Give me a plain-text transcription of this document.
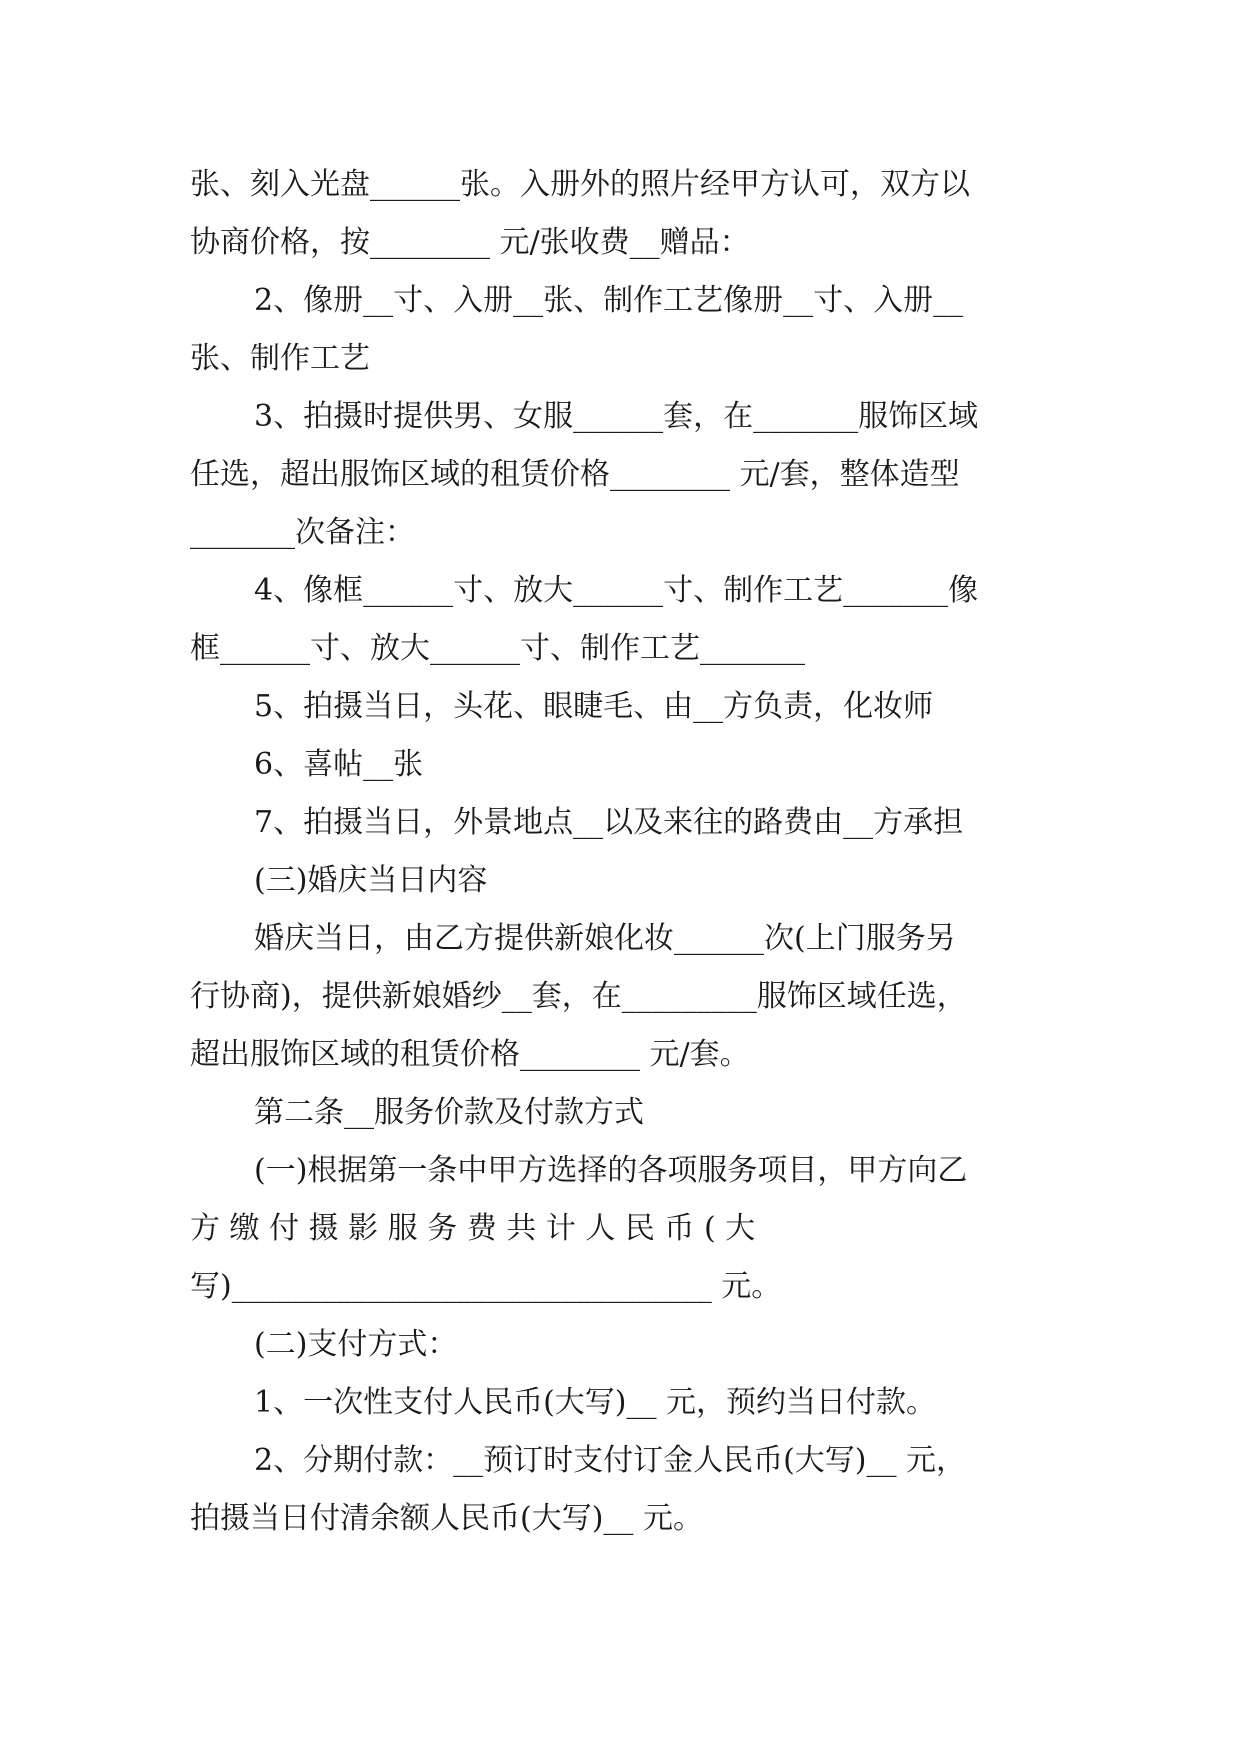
张、刻入光盘______张。入册外的照片经甲方认可，双方以
协商价格，按________ 元/张收费__赠品：
2、像册__寸、入册__张、制作工艺像册__寸、入册__
张、制作工艺
3、拍摄时提供男、女服______套，在_______服饰区域
任选，超出服饰区域的租赁价格________ 元/套，整体造型
_______次备注：
4、像框______寸、放大______寸、制作工艺_______像
框______寸、放大______寸、制作工艺_______
5、拍摄当日，头花、眼睫毛、由__方负责，化妆师
6、喜帖__张
7、拍摄当日，外景地点__以及来往的路费由__方承担
(三)婚庆当日内容
婚庆当日，由乙方提供新娘化妆______次(上门服务另
行协商)，提供新娘婚纱__套，在_________服饰区域任选，
超出服饰区域的租赁价格________ 元/套。
第二条__服务价款及付款方式
(一)根据第一条中甲方选择的各项服务项目，甲方向乙
方 缴 付 摄 影 服 务 费 共 计 人 民 币 ( 大
写)________________________________ 元。
(二)支付方式：
1、一次性支付人民币(大写)__ 元，预约当日付款。
2、分期付款：__预订时支付订金人民币(大写)__ 元，
拍摄当日付清余额人民币(大写)__ 元。
